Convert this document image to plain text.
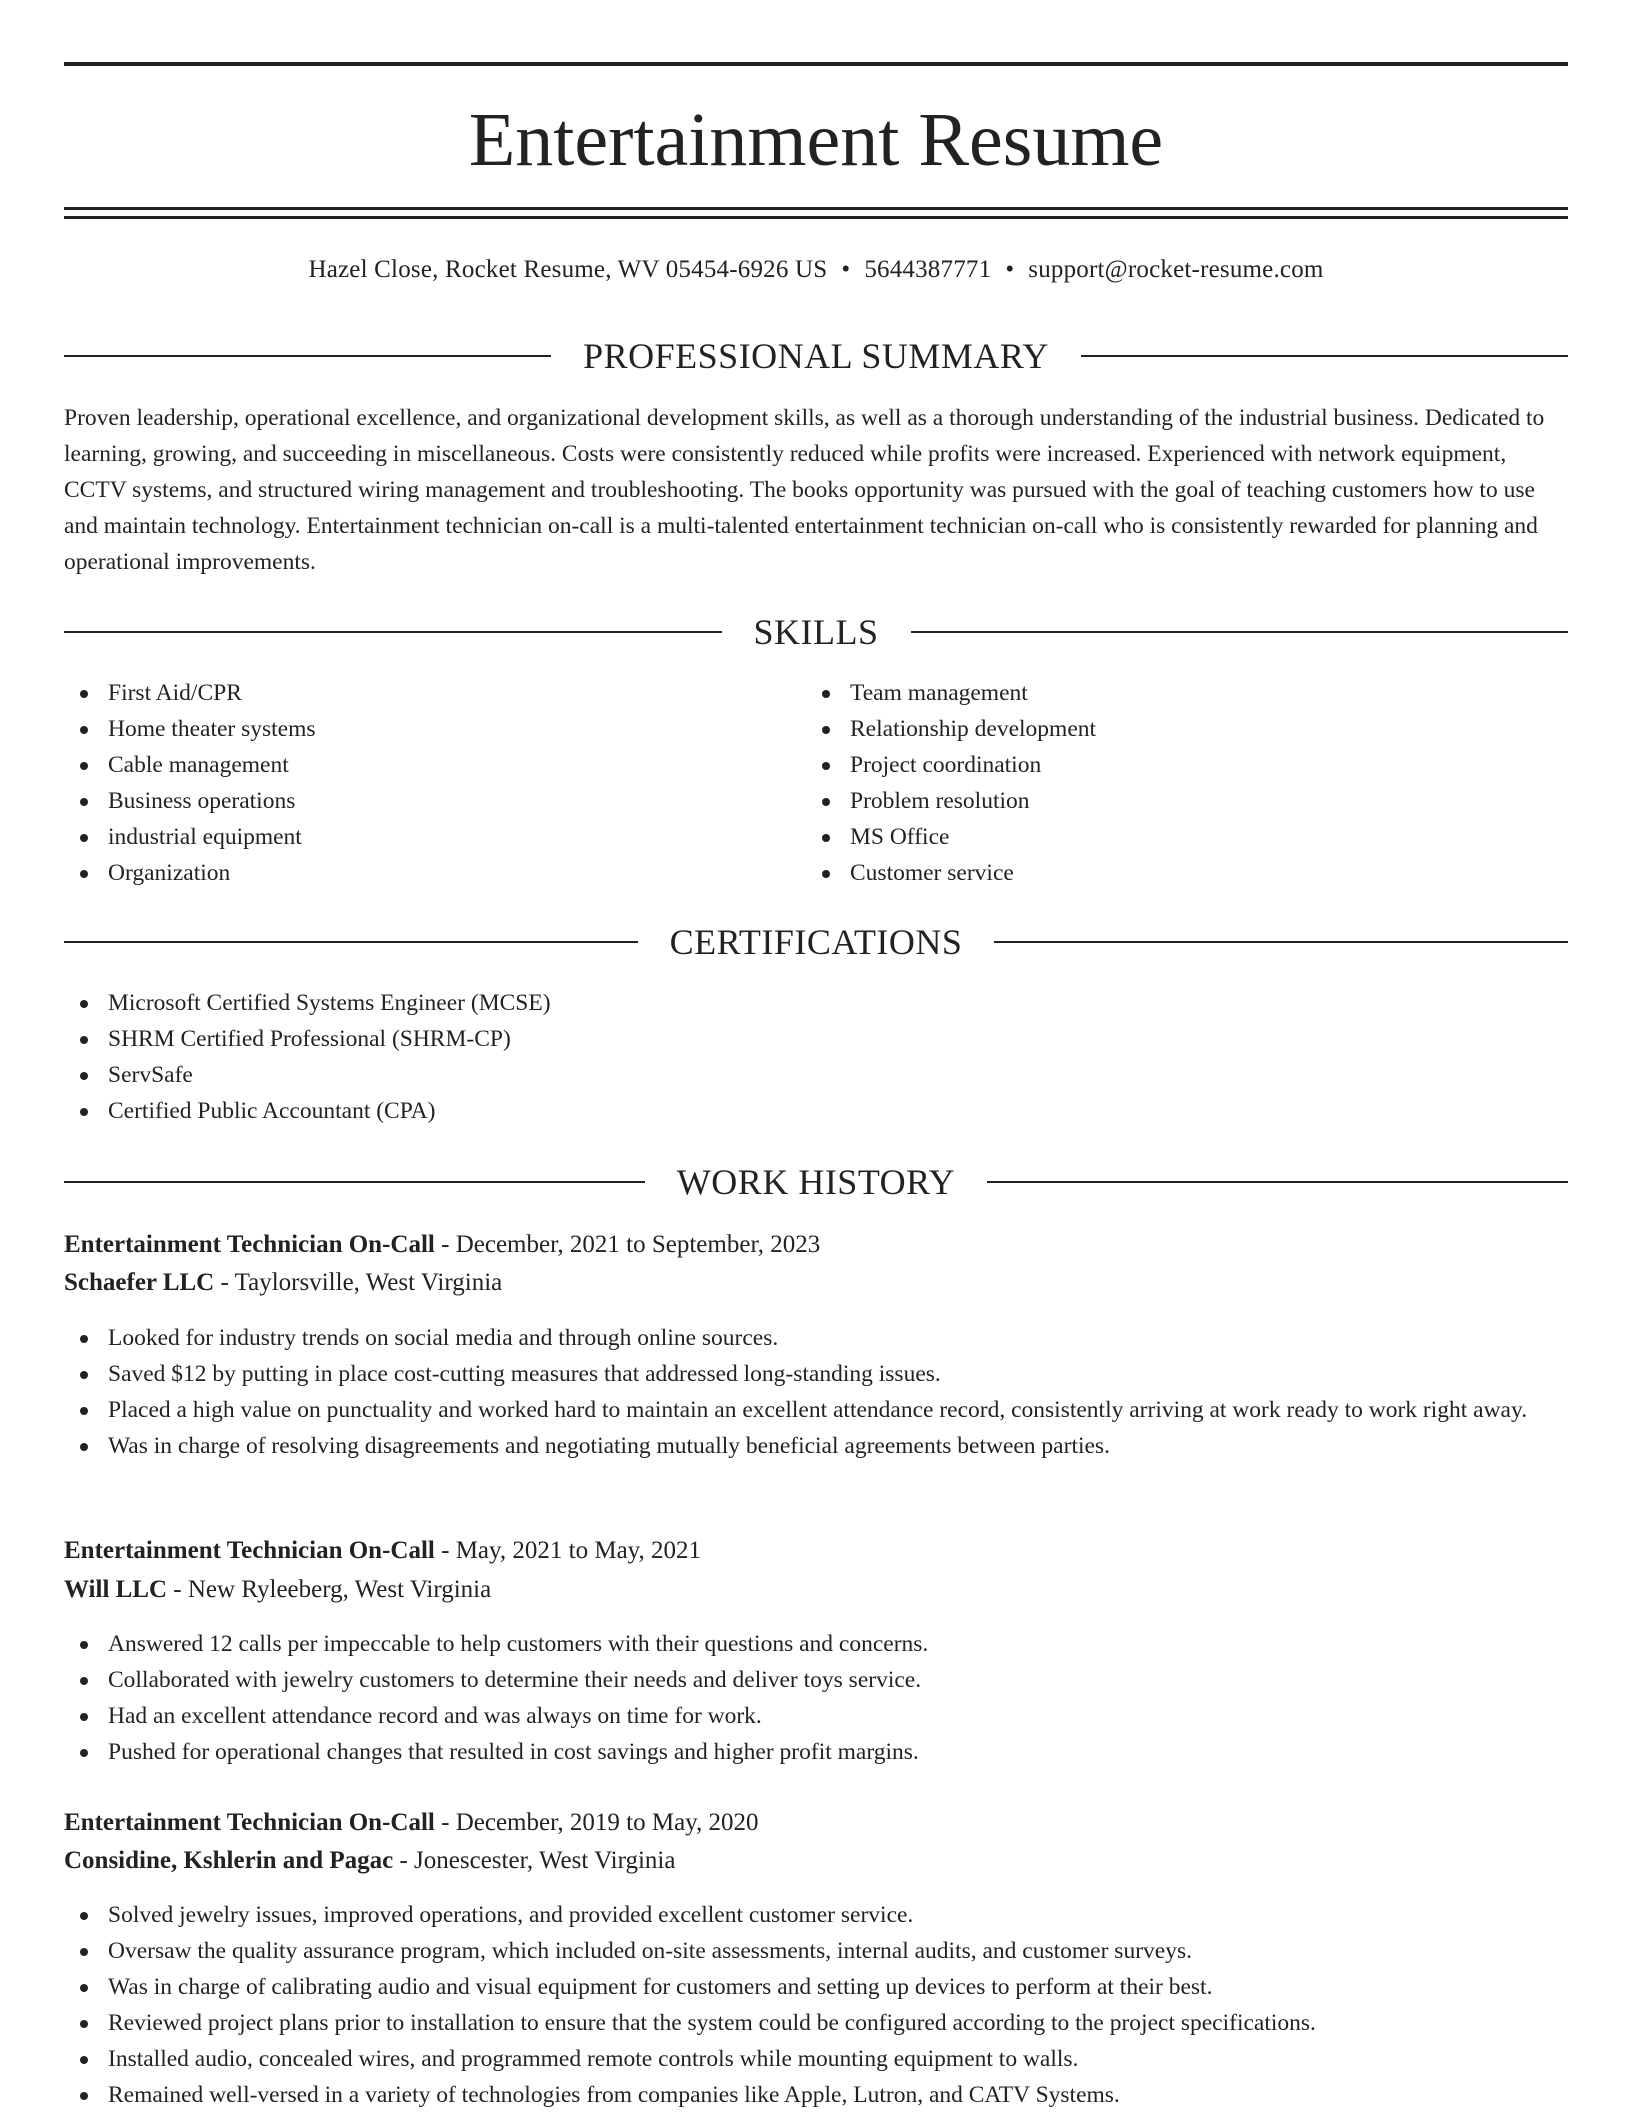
Entertainment Resume
Hazel Close, Rocket Resume, WV 05454-6926 US • 5644387771 • support@rocket-resume.com
PROFESSIONAL SUMMARY

Proven leadership, operational excellence, and organizational development skills, as well as a thorough understanding of the industrial business. Dedicated to learning, growing, and succeeding in miscellaneous. Costs were consistently reduced while profits were increased. Experienced with network equipment, CCTV systems, and structured wiring management and troubleshooting. The books opportunity was pursued with the goal of teaching customers how to use and maintain technology. Entertainment technician on-call is a multi-talented entertainment technician on-call who is consistently rewarded for planning and operational improvements.

SKILLS
First Aid/CPR
Home theater systems
Cable management
Business operations
industrial equipment
Organization
Team management
Relationship development
Project coordination
Problem resolution
MS Office
Customer service
CERTIFICATIONS
Microsoft Certified Systems Engineer (MCSE)
SHRM Certified Professional (SHRM-CP)
ServSafe
Certified Public Accountant (CPA)
WORK HISTORY
Entertainment Technician On-Call - December, 2021 to September, 2023
Schaefer LLC - Taylorsville, West Virginia
Looked for industry trends on social media and through online sources.
Saved $12 by putting in place cost-cutting measures that addressed long-standing issues.
Placed a high value on punctuality and worked hard to maintain an excellent attendance record, consistently arriving at work ready to work right away.
Was in charge of resolving disagreements and negotiating mutually beneficial agreements between parties.
Entertainment Technician On-Call - May, 2021 to May, 2021
Will LLC - New Ryleeberg, West Virginia
Answered 12 calls per impeccable to help customers with their questions and concerns.
Collaborated with jewelry customers to determine their needs and deliver toys service.
Had an excellent attendance record and was always on time for work.
Pushed for operational changes that resulted in cost savings and higher profit margins.
Entertainment Technician On-Call - December, 2019 to May, 2020
Considine, Kshlerin and Pagac - Jonescester, West Virginia
Solved jewelry issues, improved operations, and provided excellent customer service.
Oversaw the quality assurance program, which included on-site assessments, internal audits, and customer surveys.
Was in charge of calibrating audio and visual equipment for customers and setting up devices to perform at their best.
Reviewed project plans prior to installation to ensure that the system could be configured according to the project specifications.
Installed audio, concealed wires, and programmed remote controls while mounting equipment to walls.
Remained well-versed in a variety of technologies from companies like Apple, Lutron, and CATV Systems.
